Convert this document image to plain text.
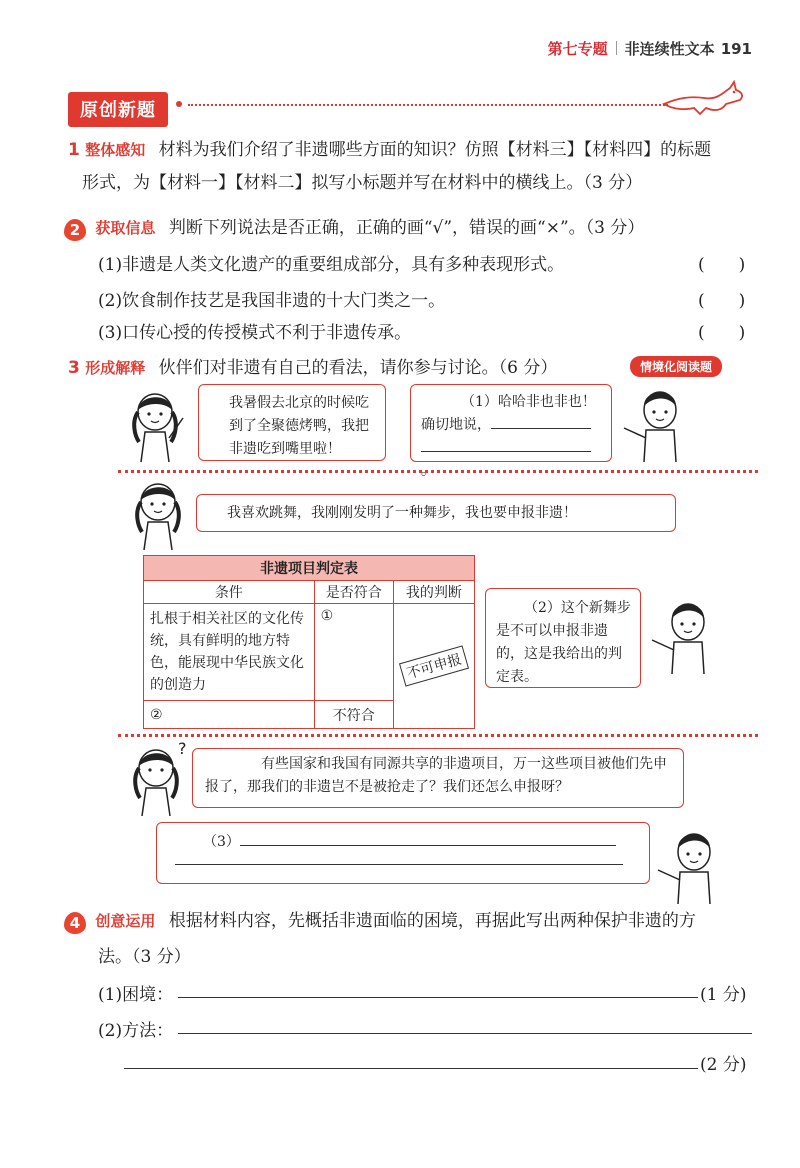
第七专题 非连续性文本 191
原创新题
1 整体感知 材料为我们介绍了非遗哪些方面的知识？仿照【材料三】【材料四】的标题
形式，为【材料一】【材料二】拟写小标题并写在材料中的横线上。（3 分）
2 获取信息 判断下列说法是否正确，正确的画“√”，错误的画“×”。（3 分）
(1)非遗是人类文化遗产的重要组成部分，具有多种表现形式。	(　　)
(2)饮食制作技艺是我国非遗的十大门类之一。	(　　)
(3)口传心授的传授模式不利于非遗传承。	(　　)
3 形成解释 伙伴们对非遗有自己的看法，请你参与讨论。（6 分）	情境化阅读题
我暑假去北京的时候吃到了全聚德烤鸭，我把非遗吃到嘴里啦！
（1）哈哈非也非也！
确切地说，
。
我喜欢跳舞，我刚刚发明了一种舞步，我也要申报非遗！
非遗项目判定表		
条件	是否符合	我的判断
扎根于相关社区的文化传统，具有鲜明的地方特色，能展现中华民族文化的创造力	①	不可申报
②	不符合	
（2）这个新舞步是不可以申报非遗的，这是我给出的判定表。
?
有些国家和我国有同源共享的非遗项目，万一这些项目被他们先申报了，那我们的非遗岂不是被抢走了？我们还怎么申报呀？
（3）
4 创意运用 根据材料内容，先概括非遗面临的困境，再据此写出两种保护非遗的方
法。（3 分）
(1)困境：	(1 分)
(2)方法：
(2 分)
